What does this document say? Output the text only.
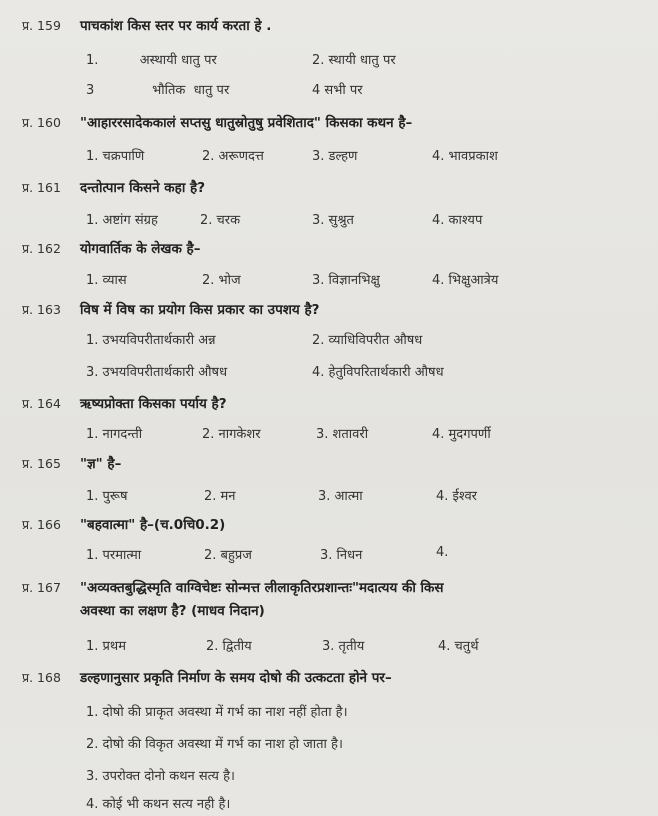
प्र. 159 पाचकांश किस स्तर पर कार्य करता हे .
1.          अस्थायी धातु पर	2. स्थायी धातु पर
3              भौतिक  धातु पर	4 सभी पर
प्र. 160 "आहाररसादेककालं सप्तसु धातुस्रोतुषु प्रवेशिताद" किसका कथन है–
1. चक्रपाणि	2. अरूणदत्त	3. डल्हण	4. भावप्रकाश
प्र. 161 दन्तोत्पान किसने कहा है?
1. अष्टांग संग्रह	2. चरक	3. सुश्रुत	4. काश्यप
प्र. 162 योगवार्तिक के लेखक है–
1. व्यास	2. भोज	3. विज्ञानभिक्षु	4. भिक्षुआत्रेय
प्र. 163 विष में विष का प्रयोग किस प्रकार का उपशय है?
1. उभयविपरीतार्थकारी अन्न	2. व्याधिविपरीत औषध
3. उभयविपरीतार्थकारी औषध	4. हेतुविपरितार्थकारी औषध
प्र. 164 ऋष्यप्रोक्ता किसका पर्याय है?
1. नागदन्ती	2. नागकेशर	3. शतावरी	4. मुदगपर्णी
प्र. 165 "ज्ञ" है–
1. पुरूष	2. मन	3. आत्मा	4. ईश्वर
प्र. 166 "बहवात्मा" है–(च.0चि0.2)
1. परमात्मा	2. बहुप्रज	3. निधन	4.
प्र. 167 "अव्यक्तबुद्धिस्मृति वाग्विचेष्टः सोन्मत्त लीलाकृतिरप्रशान्तः"मदात्यय की किस
अवस्था का लक्षण है? (माधव निदान)
1. प्रथम	2. द्वितीय	3. तृतीय	4. चतुर्थ
प्र. 168 डल्हणानुसार प्रकृति निर्माण के समय दोषो की उत्कटता होने पर–
1. दोषो की प्राकृत अवस्था में गर्भ का नाश नहीं होता है।
2. दोषो की विकृत अवस्था में गर्भ का नाश हो जाता है।
3. उपरोक्त दोनो कथन सत्य है।
4. कोई भी कथन सत्य नही है।
